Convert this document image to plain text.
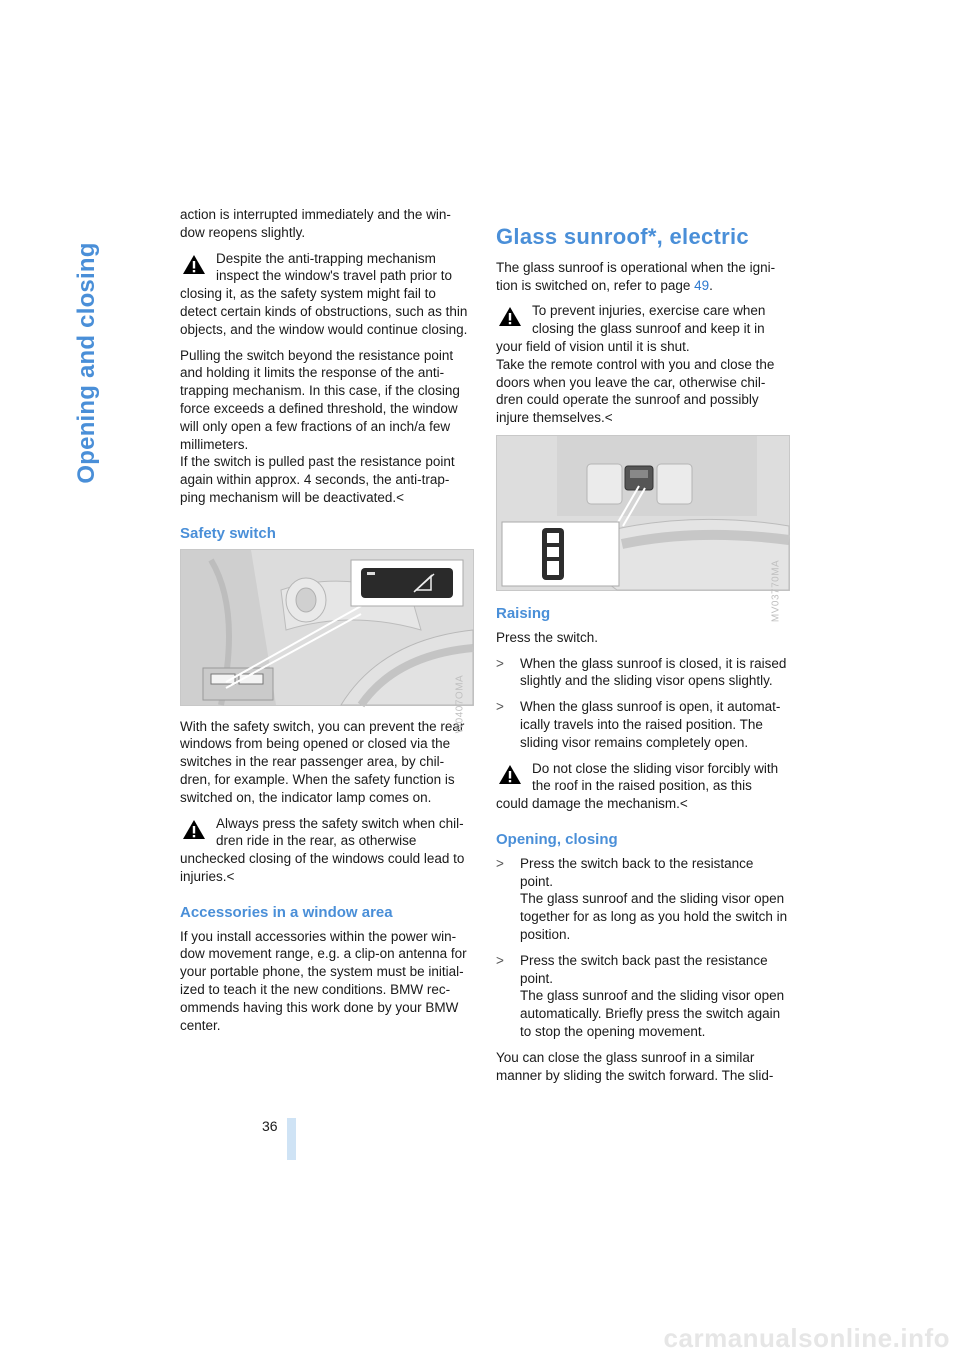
Opening and closing
36

action is interrupted immediately and the win-dow reopens slightly.

Despite the anti-trapping mechanism inspect the window's travel path prior to
closing it, as the safety system might fail to detect certain kinds of obstructions, such as thin objects, and the window would continue closing.

Pulling the switch beyond the resistance point and holding it limits the response of the anti-trapping mechanism. In this case, if the closing force exceeds a defined threshold, the window will only open a few fractions of an inch/a few millimeters.

If the switch is pulled past the resistance point again within approx. 4 seconds, the anti-trap-ping mechanism will be deactivated.<

Safety switch
W0407OMA

With the safety switch, you can prevent the rear windows from being opened or closed via the switches in the rear passenger area, by chil-dren, for example. When the safety function is switched on, the indicator lamp comes on.

Always press the safety switch when chil-dren ride in the rear, as otherwise
unchecked closing of the windows could lead to injuries.<
Accessories in a window area

If you install accessories within the power win-dow movement range, e.g. a clip-on antenna for your portable phone, the system must be initial-ized to teach it the new conditions. BMW rec-ommends having this work done by your BMW center.

Glass sunroof*, electric

The glass sunroof is operational when the igni-tion is switched on, refer to page 49.

To prevent injuries, exercise care when closing the glass sunroof and keep it in
your field of vision until it is shut.
Take the remote control with you and close the doors when you leave the car, otherwise chil-dren could operate the sunroof and possibly injure themselves.<
MV03770MA
Raising

Press the switch.

> When the glass sunroof is closed, it is raised slightly and the sliding visor opens slightly.
> When the glass sunroof is open, it automat-ically travels into the raised position. The sliding visor remains completely open.
Do not close the sliding visor forcibly with the roof in the raised position, as this
could damage the mechanism.<
Opening, closing
> Press the switch back to the resistance point.
The glass sunroof and the sliding visor open together for as long as you hold the switch in position.
> Press the switch back past the resistance point.
The glass sunroof and the sliding visor open automatically. Briefly press the switch again to stop the opening movement.

You can close the glass sunroof in a similar manner by sliding the switch forward. The slid-

carmanualsonline.info
